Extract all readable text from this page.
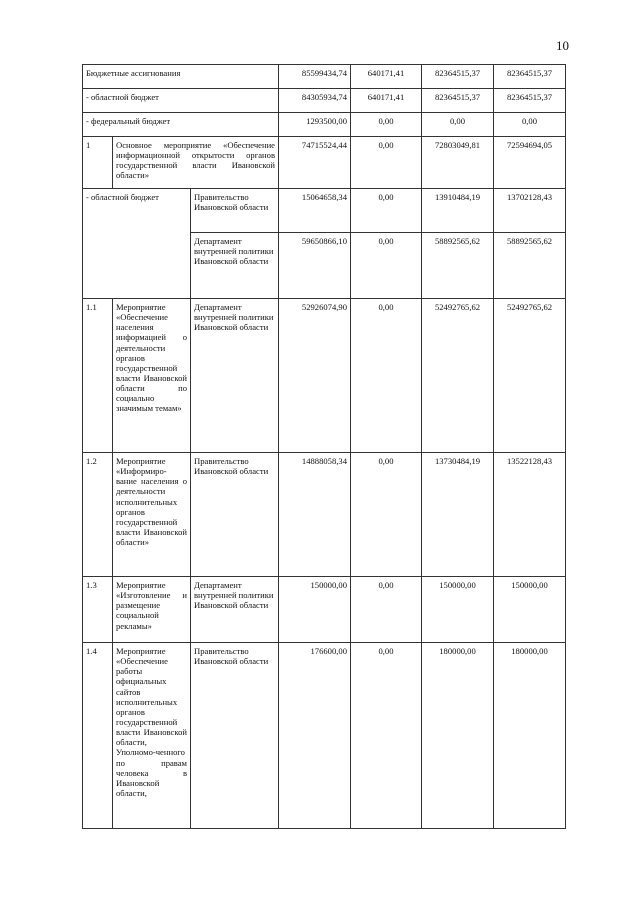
10
Бюджетные ассигнования			85599434,74	640171,41	82364515,37	82364515,37
- областной бюджет			84305934,74	640171,41	82364515,37	82364515,37
- федеральный бюджет			1293500,00	0,00	0,00	0,00
1	Основное мероприятие «Обеспечение информационной открытости органов государственной власти Ивановской области»		74715524,44	0,00	72803049,81	72594694,05
- областной бюджет		Правительство Ивановской области	15064658,34	0,00	13910484,19	13702128,43
		Департамент внутренней политики Ивановской области	59650866,10	0,00	58892565,62	58892565,62
1.1	Мероприятие «Обеспечение населения информацией о деятельности органов государственной власти Ивановской области по социально значимым темам»	Департамент внутренней политики Ивановской области	52926074,90	0,00	52492765,62	52492765,62
1.2	Мероприятие «Информиро-вание населения о деятельности исполнительных органов государственной власти Ивановской области»	Правительство Ивановской области	14888058,34	0,00	13730484,19	13522128,43
1.3	Мероприятие «Изготовление и размещение социальной рекламы»	Департамент внутренней политики Ивановской области	150000,00	0,00	150000,00	150000,00
1.4	Мероприятие «Обеспечение работы официальных сайтов исполнительных органов государственной власти Ивановской области, Уполномо-ченного по правам человека в Ивановской области,	Правительство Ивановской области	176600,00	0,00	180000,00	180000,00
